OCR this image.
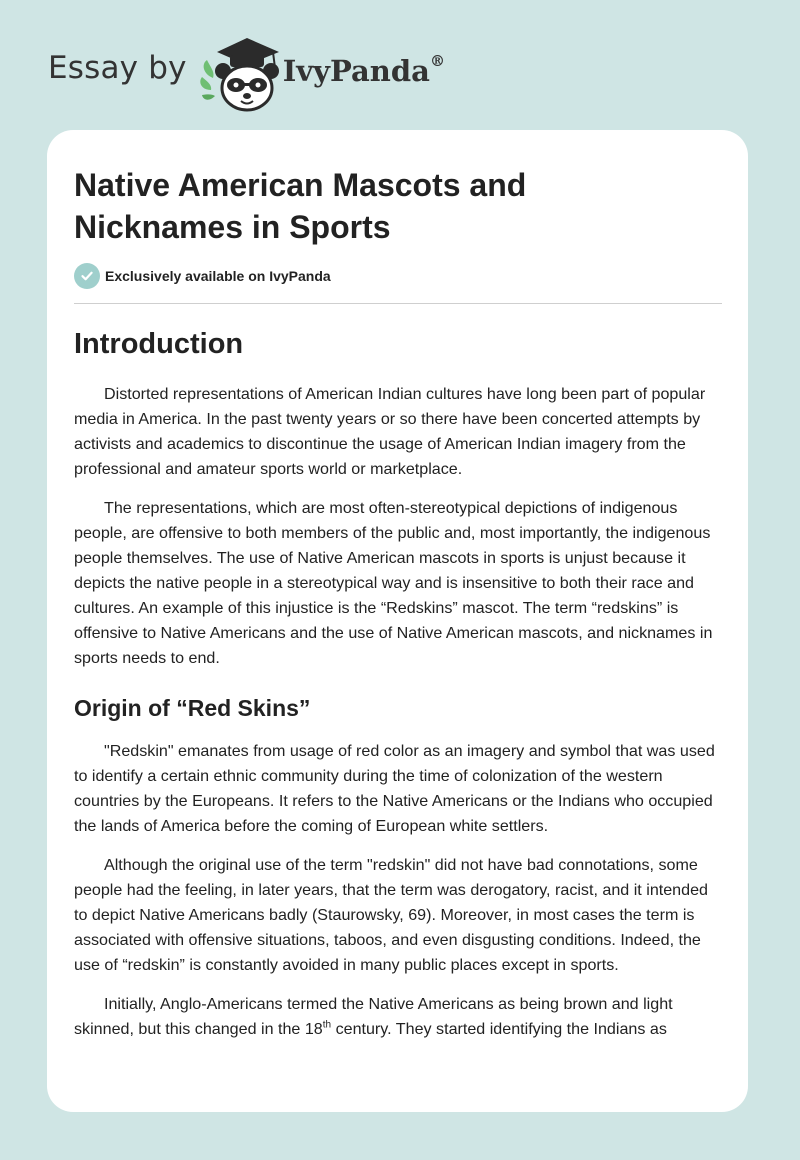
Essay by	IvyPanda®
Native American Mascots and Nicknames in Sports
Exclusively available on IvyPanda
Introduction

Distorted representations of American Indian cultures have long been part of popular media in America. In the past twenty years or so there have been concerted attempts by activists and academics to discontinue the usage of American Indian imagery from the professional and amateur sports world or marketplace.

The representations, which are most often-stereotypical depictions of indigenous people, are offensive to both members of the public and, most importantly, the indigenous people themselves. The use of Native American mascots in sports is unjust because it depicts the native people in a stereotypical way and is insensitive to both their race and cultures. An example of this injustice is the “Redskins” mascot. The term “redskins” is offensive to Native Americans and the use of Native American mascots, and nicknames in sports needs to end.

Origin of “Red Skins”

"Redskin" emanates from usage of red color as an imagery and symbol that was used to identify a certain ethnic community during the time of colonization of the western countries by the Europeans. It refers to the Native Americans or the Indians who occupied the lands of America before the coming of European white settlers.

Although the original use of the term "redskin" did not have bad connotations, some people had the feeling, in later years, that the term was derogatory, racist, and it intended to depict Native Americans badly (Staurowsky, 69). Moreover, in most cases the term is associated with offensive situations, taboos, and even disgusting conditions. Indeed, the use of “redskin” is constantly avoided in many public places except in sports.

Initially, Anglo-Americans termed the Native Americans as being brown and light skinned, but this changed in the 18th century. They started identifying the Indians as
